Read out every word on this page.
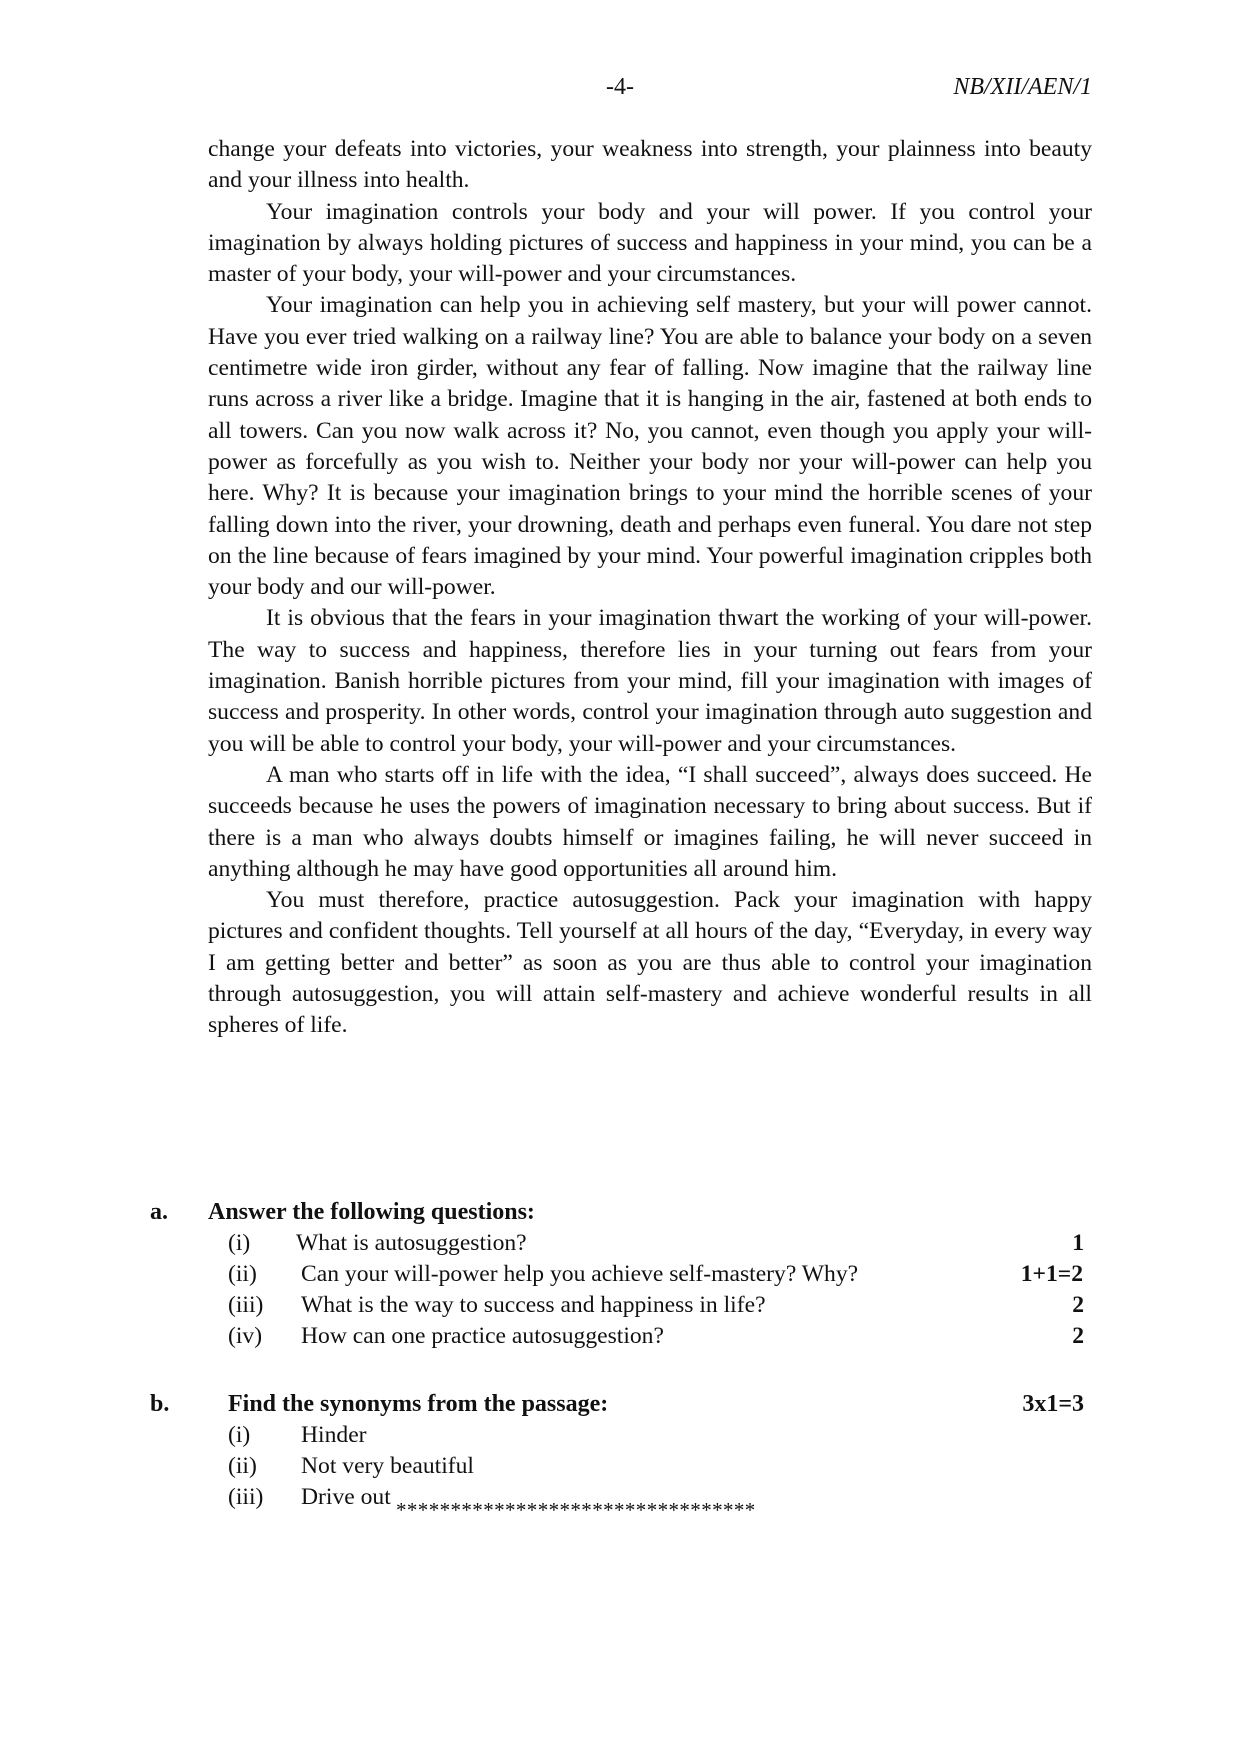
-4-	NB/XII/AEN/1

change your defeats into victories, your weakness into strength, your plainness into beauty and your illness into health.

Your imagination controls your body and your will power. If you control your imagination by always holding pictures of success and happiness in your mind, you can be a master of your body, your will-power and your circumstances.

Your imagination can help you in achieving self mastery, but your will power cannot. Have you ever tried walking on a railway line? You are able to balance your body on a seven centimetre wide iron girder, without any fear of falling. Now imagine that the railway line runs across a river like a bridge. Imagine that it is hanging in the air, fastened at both ends to all towers. Can you now walk across it? No, you cannot, even though you apply your will-power as forcefully as you wish to. Neither your body nor your will-power can help you here. Why? It is because your imagination brings to your mind the horrible scenes of your falling down into the river, your drowning, death and perhaps even funeral. You dare not step on the line because of fears imagined by your mind. Your powerful imagination cripples both your body and our will-power.

It is obvious that the fears in your imagination thwart the working of your will-power. The way to success and happiness, therefore lies in your turning out fears from your imagination. Banish horrible pictures from your mind, fill your imagination with images of success and prosperity. In other words, control your imagination through auto suggestion and you will be able to control your body, your will-power and your circumstances.

A man who starts off in life with the idea, “I shall succeed”, always does succeed. He succeeds because he uses the powers of imagination necessary to bring about success. But if there is a man who always doubts himself or imagines failing, he will never succeed in anything although he may have good opportunities all around him.

You must therefore, practice autosuggestion. Pack your imagination with happy pictures and confident thoughts. Tell yourself at all hours of the day, “Everyday, in every way I am getting better and better” as soon as you are thus able to control your imagination through autosuggestion, you will attain self-mastery and achieve wonderful results in all spheres of life.

a. Answer the following questions:
(i) What is autosuggestion?	1
(ii) Can your will-power help you achieve self-mastery? Why?	1+1=2
(iii) What is the way to success and happiness in life?	2
(iv) How can one practice autosuggestion?	2
b. Find the synonyms from the passage:	3x1=3
(i) Hinder
(ii) Not very beautiful
(iii) Drive out *********************************
